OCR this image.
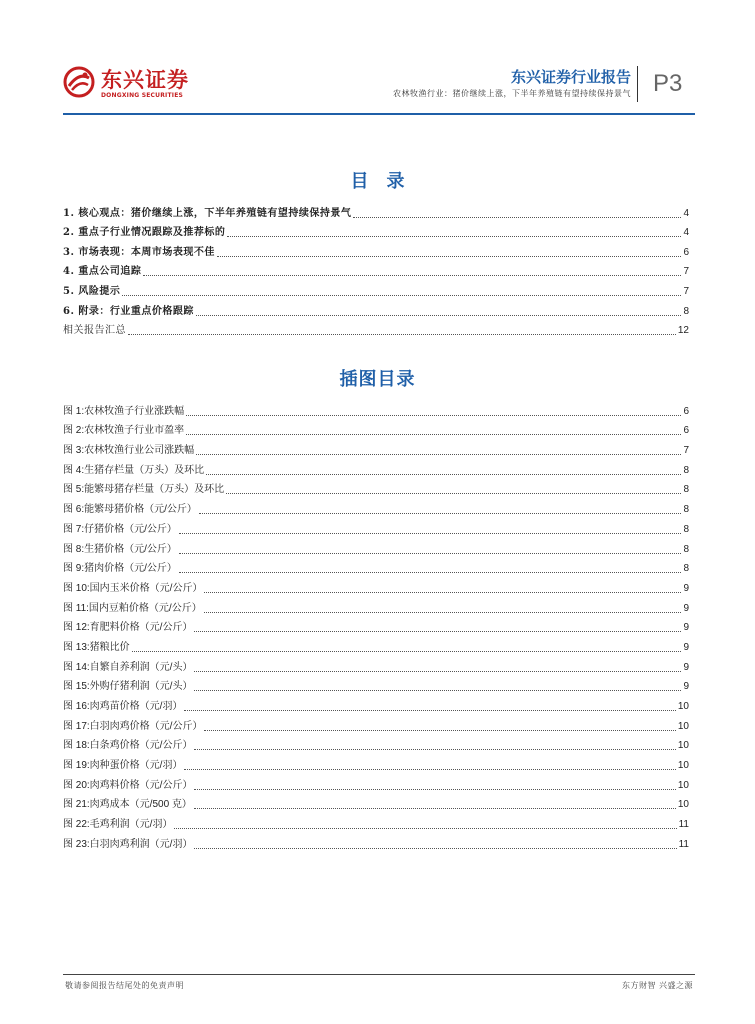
东兴证券
DONGXING SECURITIES
东兴证券行业报告
农林牧渔行业：猪价继续上涨，下半年养殖链有望持续保持景气 P3
目录
1. 核心观点：猪价继续上涨，下半年养殖链有望持续保持景气	4
2. 重点子行业情况跟踪及推荐标的	4
3. 市场表现：本周市场表现不佳	6
4. 重点公司追踪	7
5. 风险提示	7
6. 附录：行业重点价格跟踪	8
相关报告汇总	12
插图目录
图 1:农林牧渔子行业涨跌幅	6
图 2:农林牧渔子行业市盈率	6
图 3:农林牧渔行业公司涨跌幅	7
图 4:生猪存栏量（万头）及环比	8
图 5:能繁母猪存栏量（万头）及环比	8
图 6:能繁母猪价格（元/公斤）	8
图 7:仔猪价格（元/公斤）	8
图 8:生猪价格（元/公斤）	8
图 9:猪肉价格（元/公斤）	8
图 10:国内玉米价格（元/公斤）	9
图 11:国内豆粕价格（元/公斤）	9
图 12:育肥料价格（元/公斤）	9
图 13:猪粮比价	9
图 14:自繁自养利润（元/头）	9
图 15:外购仔猪利润（元/头）	9
图 16:肉鸡苗价格（元/羽）	10
图 17:白羽肉鸡价格（元/公斤）	10
图 18:白条鸡价格（元/公斤）	10
图 19:肉种蛋价格（元/羽）	10
图 20:肉鸡料价格（元/公斤）	10
图 21:肉鸡成本（元/500 克）	10
图 22:毛鸡利润（元/羽）	11
图 23:白羽肉鸡利润（元/羽）	11
敬请参阅报告结尾处的免责声明	东方财智 兴盛之源
